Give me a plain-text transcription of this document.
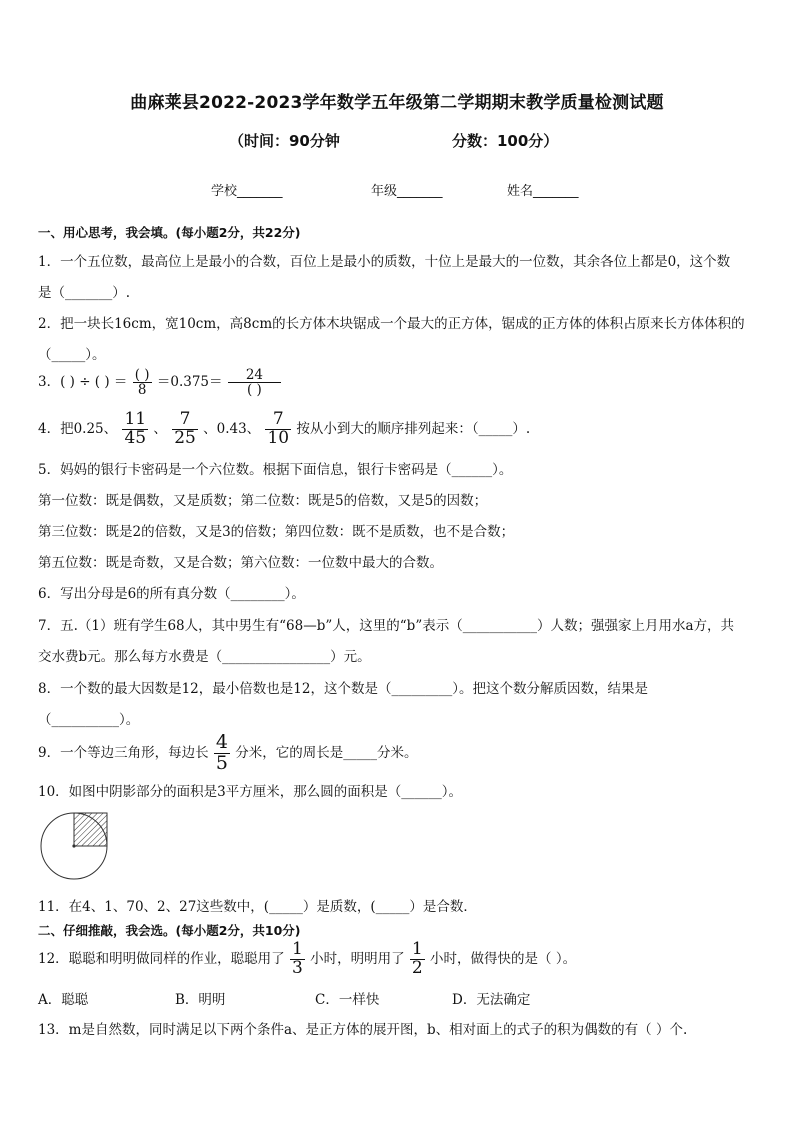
曲麻莱县2022-2023学年数学五年级第二学期期末教学质量检测试题
（时间：90分钟	分数：100分）
学校_______	年级_______	姓名_______
一、用心思考，我会填。(每小题2分，共22分)
1．一个五位数，最高位上是最小的合数，百位上是最小的质数，十位上是最大的一位数，其余各位上都是0，这个数
是（_______）.
2．把一块长16cm，宽10cm，高8cm的长方体木块锯成一个最大的正方体，锯成的正方体的体积占原来长方体体积的
（_____）。
3．( ) ÷ ( ) ＝ $\frac{( )}{8} =0.375= \frac{24}{( )}$
4．把0.25、 $\frac{11}{45}$ 、 $\frac{7}{25}$ 、0.43、 $\frac{7}{10}$ 按从小到大的顺序排列起来：（_____）.
5．妈妈的银行卡密码是一个六位数。根据下面信息，银行卡密码是（______）。
第一位数：既是偶数，又是质数；第二位数：既是5的倍数，又是5的因数；
第三位数：既是2的倍数，又是3的倍数；第四位数：既不是质数，也不是合数；
第五位数：既是奇数，又是合数；第六位数：一位数中最大的合数。
6．写出分母是6的所有真分数（________）。
7．五.（1）班有学生68人，其中男生有“68—b”人，这里的“b”表示（___________）人数；强强家上月用水a方，共
交水费b元。那么每方水费是（________________）元。
8．一个数的最大因数是12，最小倍数也是12，这个数是（_________）。把这个数分解质因数，结果是
（__________）。
9．一个等边三角形，每边长 $\frac{4}{5}$ 分米，它的周长是_____分米。
10．如图中阴影部分的面积是3平方厘米，那么圆的面积是（______）。
11．在4、1、70、2、27这些数中，(_____）是质数，(_____）是合数．
二、仔细推敲，我会选。(每小题2分，共10分)
12．聪聪和明明做同样的作业，聪聪用了 $\frac{1}{3}$ 小时，明明用了 $\frac{1}{2}$ 小时，做得快的是（ ）。
A．聪聪	B．明明	C．一样快	D．无法确定
13．m是自然数，同时满足以下两个条件a、是正方体的展开图，b、相对面上的式子的积为偶数的有（ ）个.
